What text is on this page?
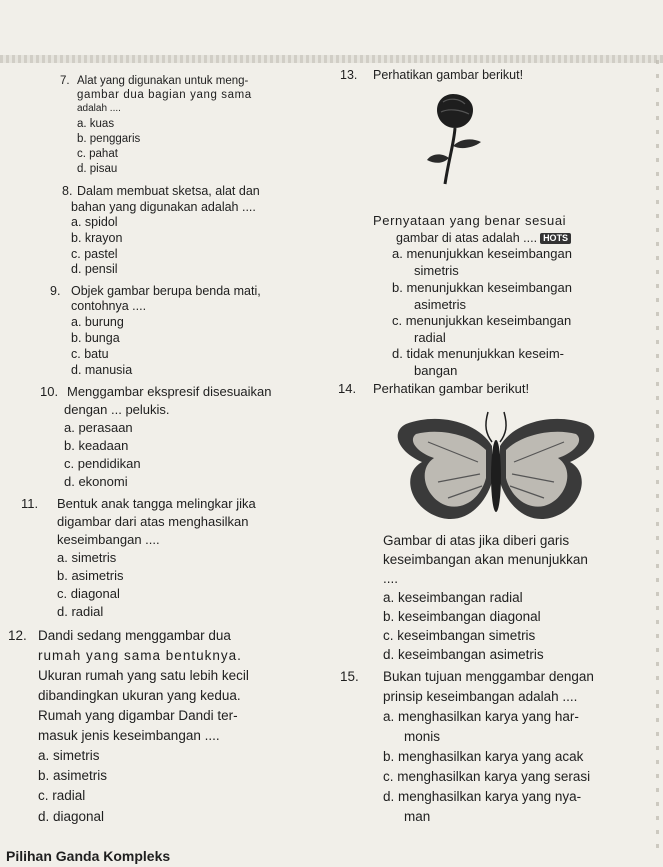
7. Alat yang digunakan untuk meng-
gambar dua bagian yang sama
adalah ....
a. kuas
b. penggaris
c. pahat
d. pisau
8. Dalam membuat sketsa, alat dan
bahan yang digunakan adalah ....
a. spidol
b. krayon
c. pastel
d. pensil
9. Objek gambar berupa benda mati,
contohnya ....
a. burung
b. bunga
c. batu
d. manusia
10. Menggambar ekspresif disesuaikan
dengan ... pelukis.
a. perasaan
b. keadaan
c. pendidikan
d. ekonomi
11. Bentuk anak tangga melingkar jika
digambar dari atas menghasilkan
keseimbangan ....
a. simetris
b. asimetris
c. diagonal
d. radial
12. Dandi sedang menggambar dua
rumah yang sama bentuknya.
Ukuran rumah yang satu lebih kecil
dibandingkan ukuran yang kedua.
Rumah yang digambar Dandi ter-
masuk jenis keseimbangan ....
a. simetris
b. asimetris
c. radial
d. diagonal
Pilihan Ganda Kompleks
13. Perhatikan gambar berikut!
Pernyataan yang benar sesuai
gambar di atas adalah .... HOTS
a. menunjukkan keseimbangan
simetris
b. menunjukkan keseimbangan
asimetris
c. menunjukkan keseimbangan
radial
d. tidak menunjukkan keseim-
bangan
14. Perhatikan gambar berikut!
Gambar di atas jika diberi garis
keseimbangan akan menunjukkan
....
a. keseimbangan radial
b. keseimbangan diagonal
c. keseimbangan simetris
d. keseimbangan asimetris
15. Bukan tujuan menggambar dengan
prinsip keseimbangan adalah ....
a. menghasilkan karya yang har-
monis
b. menghasilkan karya yang acak
c. menghasilkan karya yang serasi
d. menghasilkan karya yang nya-
man
